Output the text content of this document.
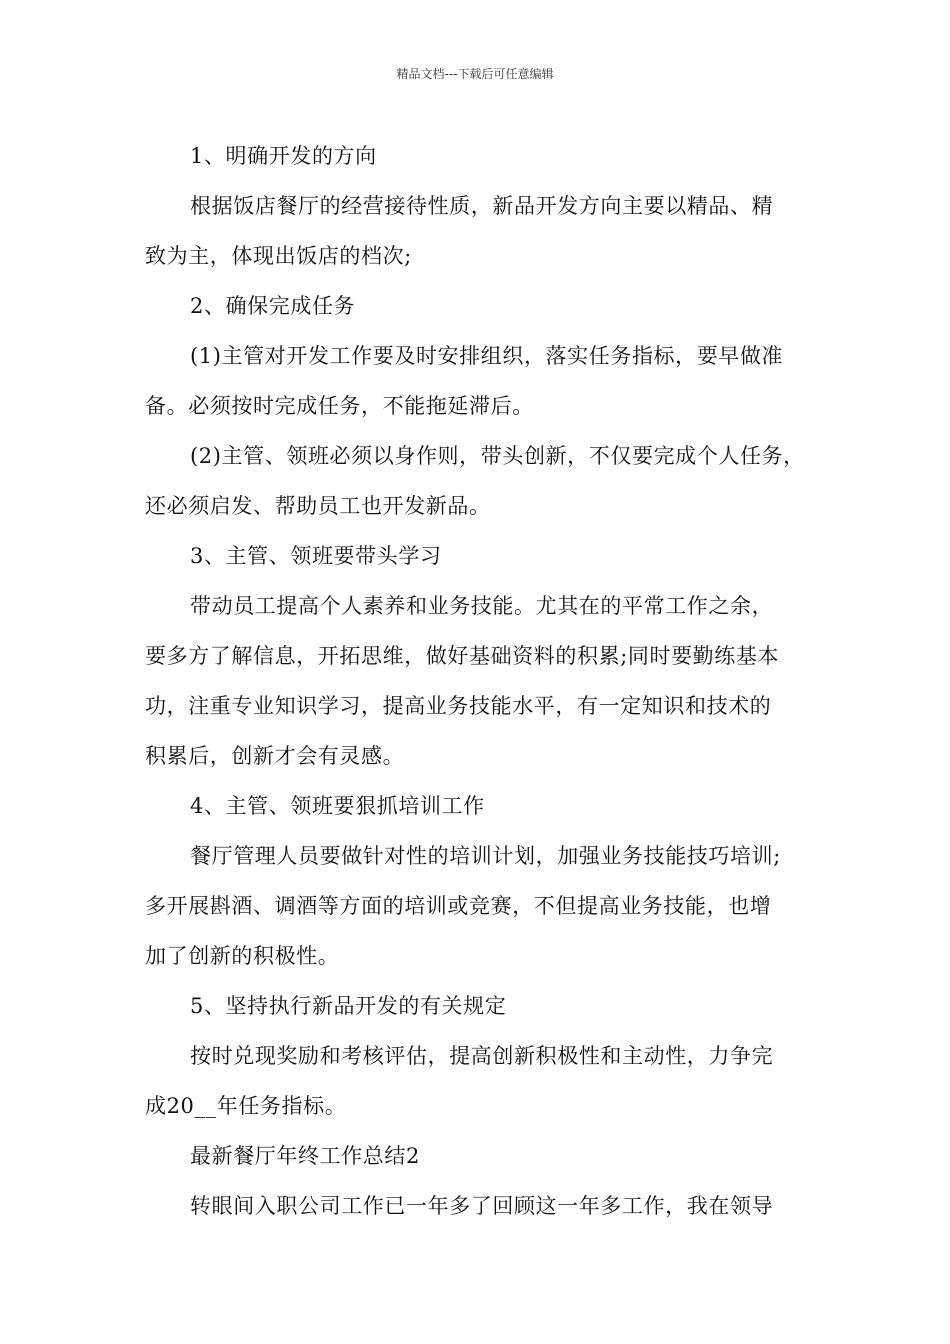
精品文档---下载后可任意编辑

1、明确开发的方向

根据饭店餐厅的经营接待性质，新品开发方向主要以精品、精

致为主，体现出饭店的档次;

2、确保完成任务

(1)主管对开发工作要及时安排组织，落实任务指标，要早做准

备。必须按时完成任务，不能拖延滞后。

(2)主管、领班必须以身作则，带头创新，不仅要完成个人任务，

还必须启发、帮助员工也开发新品。

3、主管、领班要带头学习

带动员工提高个人素养和业务技能。尤其在的平常工作之余，

要多方了解信息，开拓思维，做好基础资料的积累;同时要勤练基本

功，注重专业知识学习，提高业务技能水平，有一定知识和技术的

积累后，创新才会有灵感。

4、主管、领班要狠抓培训工作

餐厅管理人员要做针对性的培训计划，加强业务技能技巧培训;

多开展斟酒、调酒等方面的培训或竞赛，不但提高业务技能，也增

加了创新的积极性。

5、坚持执行新品开发的有关规定

按时兑现奖励和考核评估，提高创新积极性和主动性，力争完

成20__年任务指标。

最新餐厅年终工作总结2

转眼间入职公司工作已一年多了回顾这一年多工作，我在领导
